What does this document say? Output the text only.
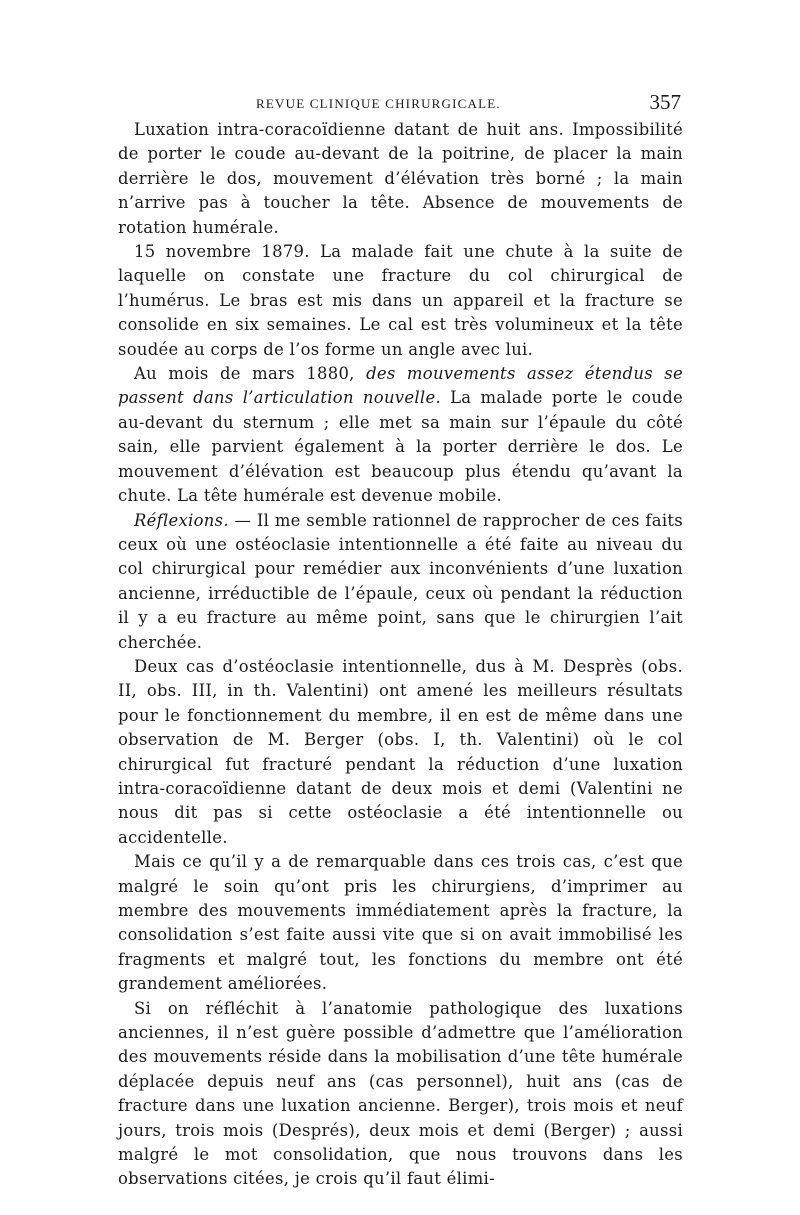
REVUE CLINIQUE CHIRURGICALE.	357

Luxation intra-coracoïdienne datant de huit ans. Impossibilité de porter le coude au-devant de la poitrine, de placer la main derrière le dos, mouvement d’élévation très borné ; la main n’arrive pas à toucher la tête. Absence de mouvements de rotation humérale.

15 novembre 1879. La malade fait une chute à la suite de laquelle on constate une fracture du col chirurgical de l’humérus. Le bras est mis dans un appareil et la fracture se consolide en six semaines. Le cal est très volumineux et la tête soudée au corps de l’os forme un angle avec lui.

Au mois de mars 1880, des mouvements assez étendus se passent dans l’articulation nouvelle. La malade porte le coude au-devant du sternum ; elle met sa main sur l’épaule du côté sain, elle parvient également à la porter derrière le dos. Le mouvement d’élévation est beaucoup plus étendu qu’avant la chute. La tête humérale est devenue mobile.

Réflexions. — Il me semble rationnel de rapprocher de ces faits ceux où une ostéoclasie intentionnelle a été faite au niveau du col chirurgical pour remédier aux inconvénients d’une luxation ancienne, irréductible de l’épaule, ceux où pendant la réduction il y a eu fracture au même point, sans que le chirurgien l’ait cherchée.

Deux cas d’ostéoclasie intentionnelle, dus à M. Desprès (obs. II, obs. III, in th. Valentini) ont amené les meilleurs résultats pour le fonctionnement du membre, il en est de même dans une observation de M. Berger (obs. I, th. Valentini) où le col chirurgical fut fracturé pendant la réduction d’une luxation intra-coracoïdienne datant de deux mois et demi (Valentini ne nous dit pas si cette ostéoclasie a été intentionnelle ou accidentelle.

Mais ce qu’il y a de remarquable dans ces trois cas, c’est que malgré le soin qu’ont pris les chirurgiens, d’imprimer au membre des mouvements immédiatement après la fracture, la consolidation s’est faite aussi vite que si on avait immobilisé les fragments et malgré tout, les fonctions du membre ont été grandement améliorées.

Si on réfléchit à l’anatomie pathologique des luxations anciennes, il n’est guère possible d’admettre que l’amélioration des mouvements réside dans la mobilisation d’une tête humérale déplacée depuis neuf ans (cas personnel), huit ans (cas de fracture dans une luxation ancienne. Berger), trois mois et neuf jours, trois mois (Després), deux mois et demi (Berger) ; aussi malgré le mot consolidation, que nous trouvons dans les observations citées, je crois qu’il faut élimi-
